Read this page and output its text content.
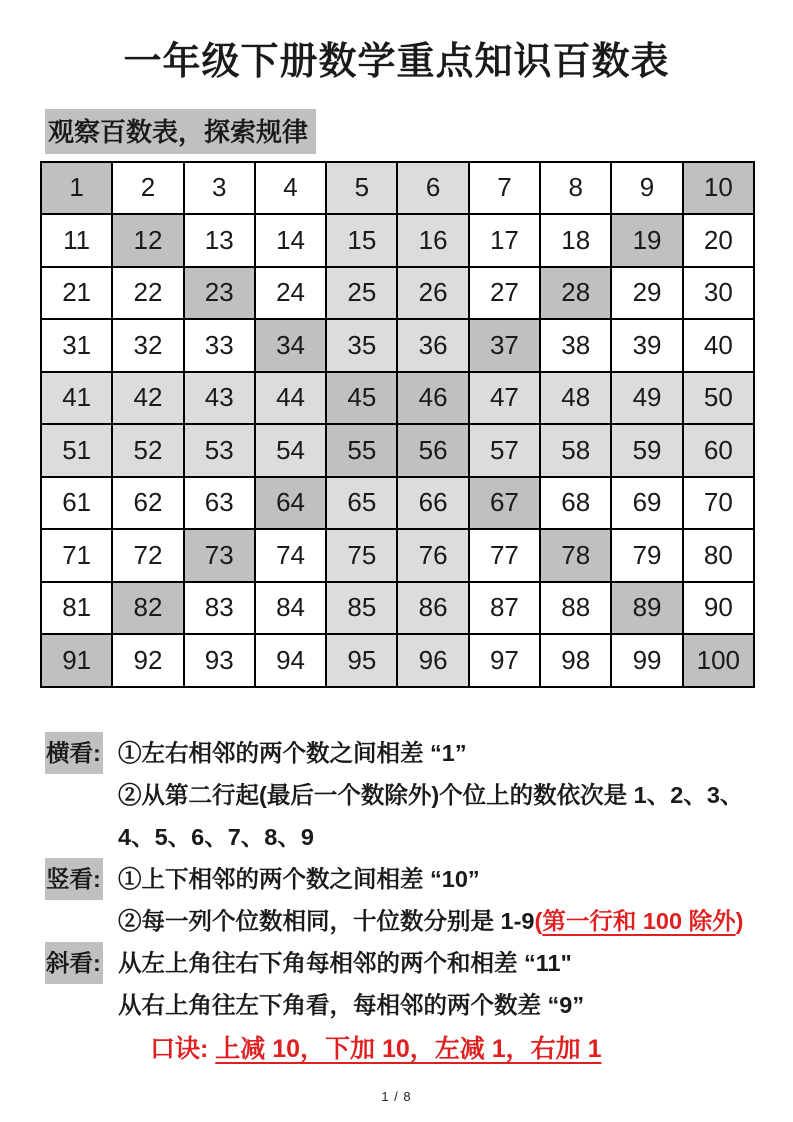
一年级下册数学重点知识百数表
观察百数表，探索规律
1	2	3	4	5	6	7	8	9	10
11	12	13	14	15	16	17	18	19	20
21	22	23	24	25	26	27	28	29	30
31	32	33	34	35	36	37	38	39	40
41	42	43	44	45	46	47	48	49	50
51	52	53	54	55	56	57	58	59	60
61	62	63	64	65	66	67	68	69	70
71	72	73	74	75	76	77	78	79	80
81	82	83	84	85	86	87	88	89	90
91	92	93	94	95	96	97	98	99	100
横看: ①左右相邻的两个数之间相差 “1”
②从第二行起(最后一个数除外)个位上的数依次是 1、2、3、
4、5、6、7、8、9
竖看: ①上下相邻的两个数之间相差 “10”
②每一列个位数相同，十位数分别是 1-9(第一行和 100 除外)
斜看: 从左上角往右下角每相邻的两个和相差 “11"
从右上角往左下角看，每相邻的两个数差 “9”
口诀: 上减 10，下加 10，左减 1，右加 1
1 / 8
